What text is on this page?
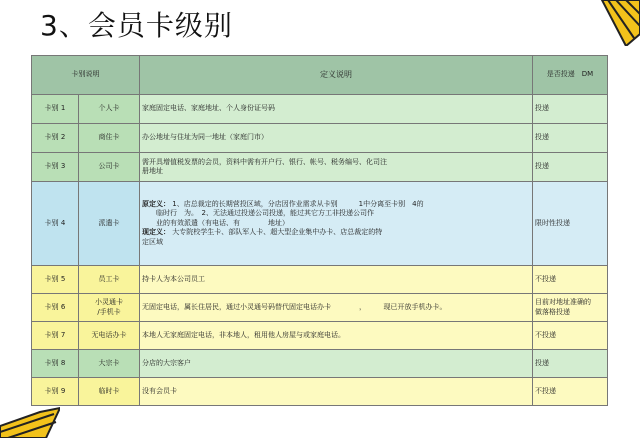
3、会员卡级别
卡别说明		定义说明	是否投递　DM
卡别 1	个人卡	家庭固定电话、家庭地址、个人身份证号码	投递
卡别 2	商住卡	办公地址与住址为同一地址（家庭门市）	投递
卡别 3	公司卡	需开具增值税发票的会员，资料中需有开户行、银行、帐号、税务编号、化司注
册地址	投递
卡别 4	派遣卡	原定义： 1、店总裁定的长期营投区域，分店因作业需求从卡别　　　1中分离至卡别　4的
　　临时行　为。　2、无法通过投递公司投递，能过其它方工非投递公司作
　　业的有效派遣（有电话、有　　　　地址）
现定义： 大专院校学生卡、部队军人卡、超大型企业集中办卡、店总裁定的特
定区域	限时性投递
卡别 5	员工卡	持卡人为本公司员工	不投递
卡别 6	小灵通卡
/手机卡	无固定电话，属长住居民，通过小灵通号码替代固定电话办卡　　　　，　　　现已开放手机办卡。	目前对地址准确的
做落格投递

卡别 7	无电话办卡	本地人无家庭固定电话，非本地人，租用他人房屋与或家庭电话。	不投递
卡别 8	大宗卡	分店的大宗客户	投递
卡别 9	临时卡	没有会员卡	不投递
